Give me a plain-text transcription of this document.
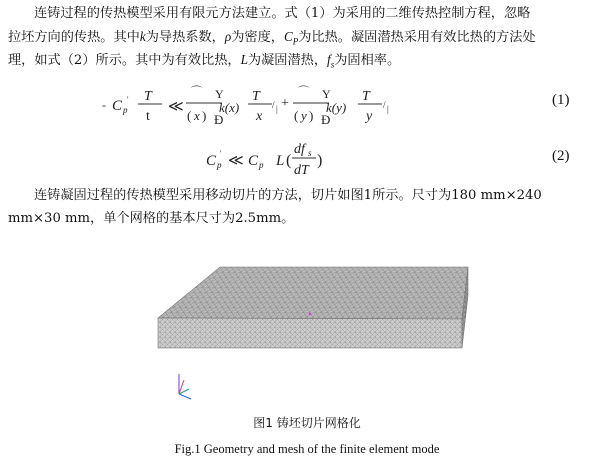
连铸过程的传热模型采用有限元方法建立。式（1）为采用的二维传热控制方程，忽略
拉坯方向的传热。其中k为导热系数，ρ为密度，$C_P$为比热。凝固潜热采用有效比热的方法处
理，如式（2）所示。其中为有效比热，L为凝固潜热，$f_s$为固相率。
- C p
' T
t
≪
⌒ Y
( x ) Đ
k(x)
T
x
/ | +
⌒ Y
( y ) Đ
k(y)
T
y
/ |
(1)
C p
' ≪ C p L (
df s
dT
)	(2)
连铸凝固过程的传热模型采用移动切片的方法，切片如图1所示。尺寸为180 mm×240
mm×30 mm，单个网格的基本尺寸为2.5mm。
图1 铸坯切片网格化
Fig.1 Geometry and mesh of the finite element mode
